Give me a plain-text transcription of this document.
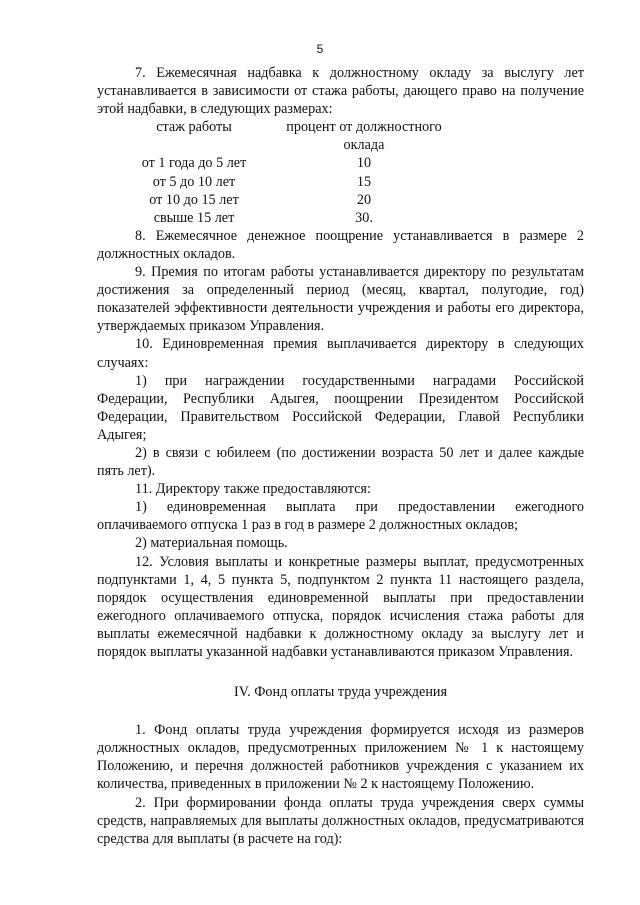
5

7. Ежемесячная надбавка к должностному окладу за выслугу лет устанавливается в зависимости от стажа работы, дающего право на получение этой надбавки, в следующих размерах:

стаж работы	процент от должностного
оклада
от 1 года до 5 лет	10
от 5 до 10 лет	15
от 10 до 15 лет	20
свыше 15 лет	30.

8. Ежемесячное денежное поощрение устанавливается в размере 2 должностных окладов.

9. Премия по итогам работы устанавливается директору по результатам достижения за определенный период (месяц, квартал, полугодие, год) показателей эффективности деятельности учреждения и работы его директора, утверждаемых приказом Управления.

10. Единовременная премия выплачивается директору в следующих случаях:

1) при награждении государственными наградами Российской Федерации, Республики Адыгея, поощрении Президентом Российской Федерации, Правительством Российской Федерации, Главой Республики Адыгея;

2) в связи с юбилеем (по достижении возраста 50 лет и далее каждые пять лет).

11. Директору также предоставляются:

1) единовременная выплата при предоставлении ежегодного оплачиваемого отпуска 1 раз в год в размере 2 должностных окладов;

2) материальная помощь.

12. Условия выплаты и конкретные размеры выплат, предусмотренных подпунктами 1, 4, 5 пункта 5, подпунктом 2 пункта 11 настоящего раздела, порядок осуществления единовременной выплаты при предоставлении ежегодного оплачиваемого отпуска, порядок исчисления стажа работы для выплаты ежемесячной надбавки к должностному окладу за выслугу лет и порядок выплаты указанной надбавки устанавливаются приказом Управления.

IV. Фонд оплаты труда учреждения

1. Фонд оплаты труда учреждения формируется исходя из размеров должностных окладов, предусмотренных приложением № 1 к настоящему Положению, и перечня должностей работников учреждения с указанием их количества, приведенных в приложении № 2 к настоящему Положению.

2. При формировании фонда оплаты труда учреждения сверх суммы средств, направляемых для выплаты должностных окладов, предусматриваются средства для выплаты (в расчете на год):
